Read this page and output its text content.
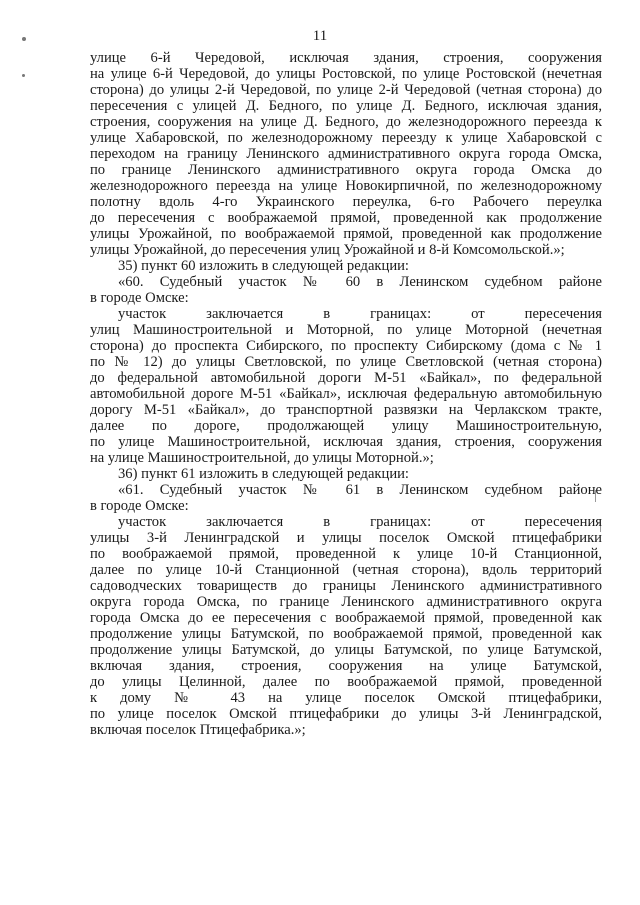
11
улице 6-й Чередовой, исключая здания, строения, сооружения
на улице 6-й Чередовой, до улицы Ростовской, по улице Ростовской (нечетная
сторона) до улицы 2-й Чередовой, по улице 2-й Чередовой (четная сторона) до
пересечения с улицей Д. Бедного, по улице Д. Бедного, исключая здания,
строения, сооружения на улице Д. Бедного, до железнодорожного переезда к
улице Хабаровской, по железнодорожному переезду к улице Хабаровской с
переходом на границу Ленинского административного округа города Омска,
по границе Ленинского административного округа города Омска до
железнодорожного переезда на улице Новокирпичной, по железнодорожному
полотну вдоль 4-го Украинского переулка, 6-го Рабочего переулка
до пересечения с воображаемой прямой, проведенной как продолжение
улицы Урожайной, по воображаемой прямой, проведенной как продолжение
улицы Урожайной, до пересечения улиц Урожайной и 8-й Комсомольской.»;
35) пункт 60 изложить в следующей редакции:
«60. Судебный участок № 60 в Ленинском судебном районе
в городе Омске:
участок заключается в границах: от пересечения
улиц Машиностроительной и Моторной, по улице Моторной (нечетная
сторона) до проспекта Сибирского, по проспекту Сибирскому (дома с № 1
по № 12) до улицы Светловской, по улице Светловской (четная сторона)
до федеральной автомобильной дороги М-51 «Байкал», по федеральной
автомобильной дороге М-51 «Байкал», исключая федеральную автомобильную
дорогу М-51 «Байкал», до транспортной развязки на Черлакском тракте,
далее по дороге, продолжающей улицу Машиностроительную,
по улице Машиностроительной, исключая здания, строения, сооружения
на улице Машиностроительной, до улицы Моторной.»;
36) пункт 61 изложить в следующей редакции:
«61. Судебный участок № 61 в Ленинском судебном районе
в городе Омске:
участок заключается в границах: от пересечения
улицы 3-й Ленинградской и улицы поселок Омской птицефабрики
по воображаемой прямой, проведенной к улице 10-й Станционной,
далее по улице 10-й Станционной (четная сторона), вдоль территорий
садоводческих товариществ до границы Ленинского административного
округа города Омска, по границе Ленинского административного округа
города Омска до ее пересечения с воображаемой прямой, проведенной как
продолжение улицы Батумской, по воображаемой прямой, проведенной как
продолжение улицы Батумской, до улицы Батумской, по улице Батумской,
включая здания, строения, сооружения на улице Батумской,
до улицы Целинной, далее по воображаемой прямой, проведенной
к дому № 43 на улице поселок Омской птицефабрики,
по улице поселок Омской птицефабрики до улицы 3-й Ленинградской,
включая поселок Птицефабрика.»;
